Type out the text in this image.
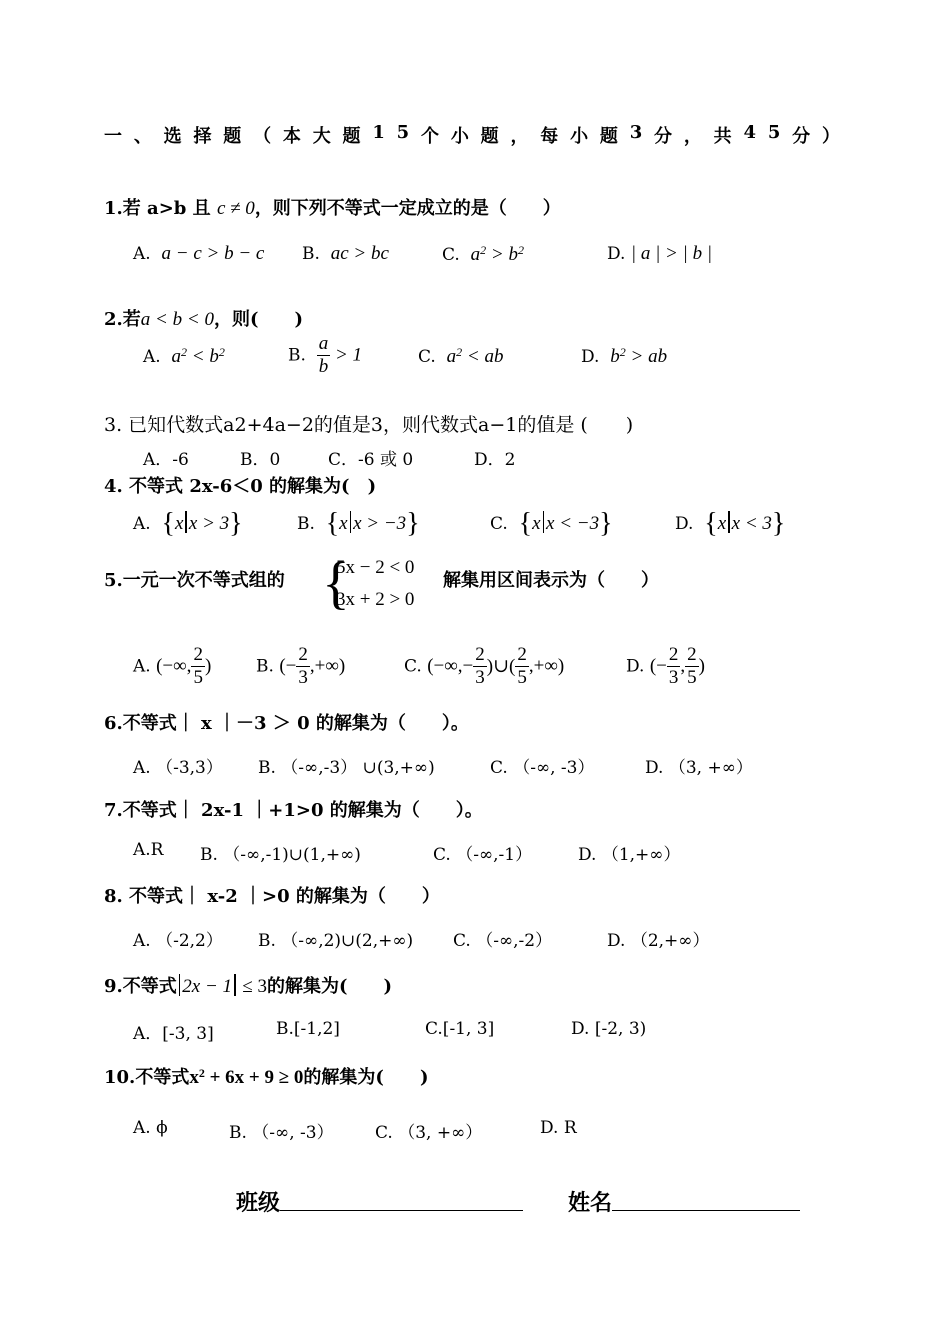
一 、 选 择 题 （ 本 大 题 1 5 个 小 题 ， 每 小 题 3 分 ， 共 4 5 分 ）
1.若 a>b 且 c ≠ 0，则下列不等式一定成立的是（　　）
A. a − c > b − c B. ac > bc	C. $a^2 > b^2$	D. | a | > | b |
2.若a < b < 0，则(　　)
A. $a^2 < b^2$	B. $\frac{a}{b} > 1$	C. $a^2$ < ab	D. $b^2$ > ab
3. 已知代数式a2+4a−2的值是3，则代数式a−1的值是 (　　)
A．-6	B．0	C．-6 或 0	D．2
4. 不等式 2x-6＜0 的解集为(　)
A. {x x > 3}	B. {x x > −3}	C. {x x < −3}	D. {x x < 3}
5.一元一次不等式组的 {
5x − 2 < 0
3x + 2 > 0
解集用区间表示为（　　）
A. (−∞, $\frac{2}{5}$ )	B. (− $\frac{2}{3}$ ,+∞)	C. (−∞,− $\frac{2}{3}$ )∪( $\frac{2}{5}$ ,+∞)	D. (− $\frac{2}{3}$ , $\frac{2}{5}$ )
6.不等式｜ x ｜－3 ＞ 0 的解集为（　　）。
A. （-3,3） B. （-∞,-3） ∪(3,+∞)	C. （-∞, -3）	D. （3, +∞）
7.不等式｜ 2x-1 ｜+1>0 的解集为（　　）。
A.R B. （-∞,-1)∪(1,+∞)	C. （-∞,-1）	D. （1,+∞）
8. 不等式｜ x-2 ｜>0 的解集为（　　）
A. （-2,2） B. （-∞,2)∪(2,+∞) C. （-∞,-2）	D. （2,+∞）
9.不等式 2x − 1 ≤ 3的解集为(　　)
A．[-3, 3]	B.[-1,2]	C.[-1, 3]	D. [-2, 3)
10.不等式$x^2 + 6x + 9 \ge 0$的解集为(　　)
A. ϕ	B. （-∞, -3） C. （3, +∞）	D. R
班级	姓名
